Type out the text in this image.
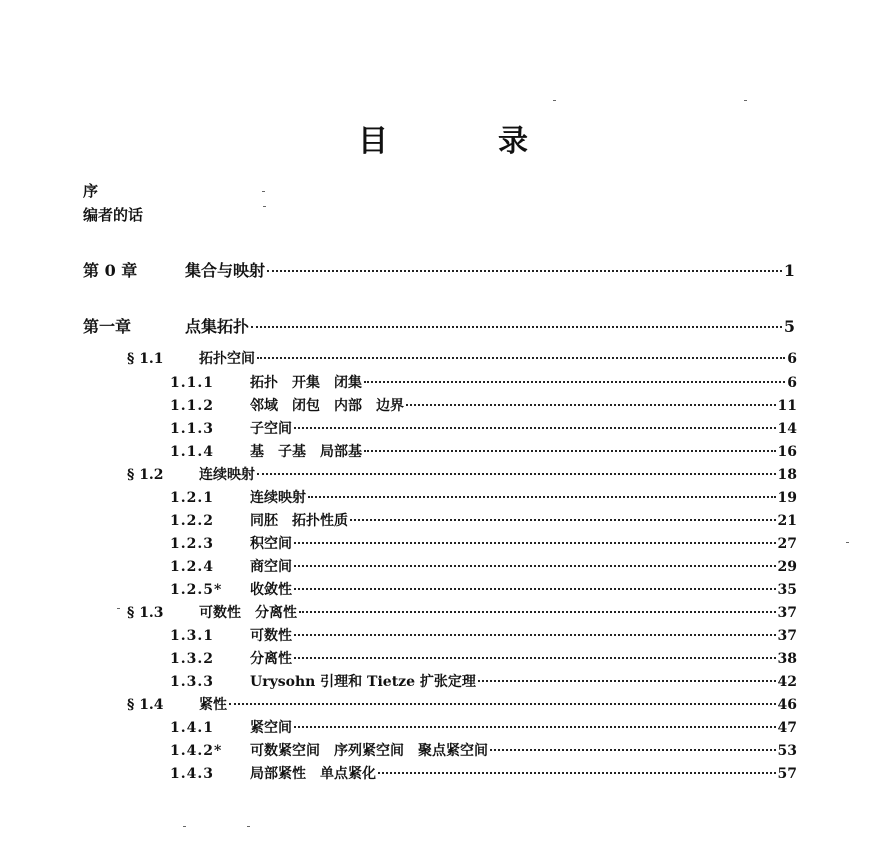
目	录
序
编者的话
第 0 章	集合与映射	1
第一章	点集拓扑	5
§ 1.1	拓扑空间	6
1.1.1	拓扑　开集　闭集	6
1.1.2	邻域　闭包　内部　边界	11
1.1.3	子空间	14
1.1.4	基　子基　局部基	16
§ 1.2	连续映射	18
1.2.1	连续映射	19
1.2.2	同胚　拓扑性质	21
1.2.3	积空间	27
1.2.4	商空间	29
1.2.5*	收敛性	35
§ 1.3	可数性　分离性	37
1.3.1	可数性	37
1.3.2	分离性	38
1.3.3	Urysohn 引理和 Tietze 扩张定理	42
§ 1.4	紧性	46
1.4.1	紧空间	47
1.4.2*	可数紧空间　序列紧空间　聚点紧空间	53
1.4.3	局部紧性　单点紧化	57
